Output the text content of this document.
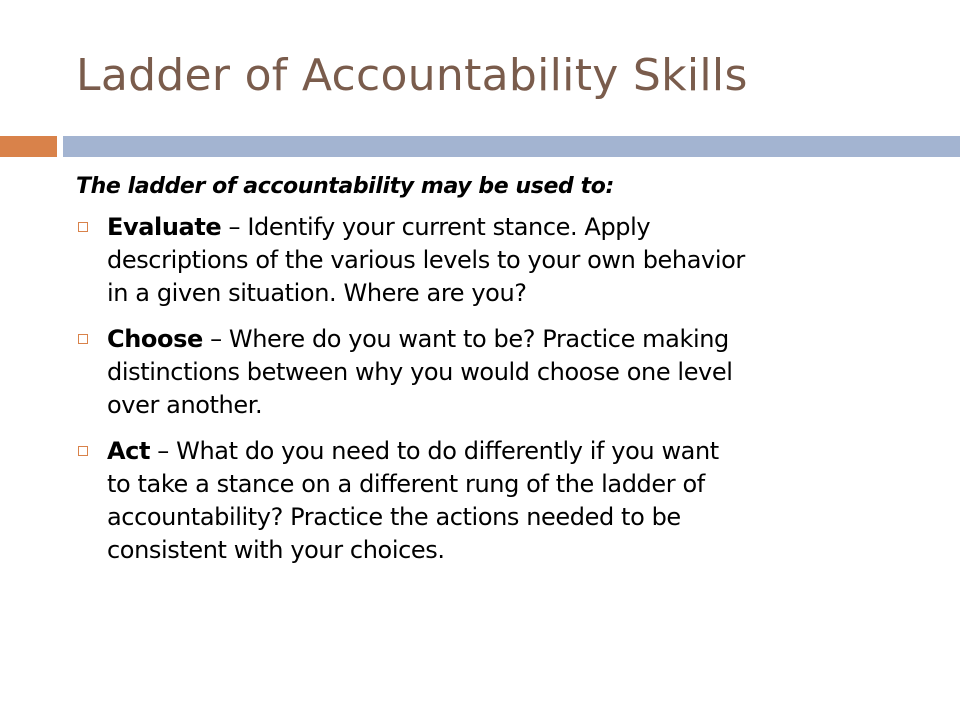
Ladder of Accountability Skills

The ladder of accountability may be used to:

Evaluate – Identify your current stance. Apply
descriptions of the various levels to your own behavior
in a given situation. Where are you?
Choose – Where do you want to be? Practice making
distinctions between why you would choose one level
over another.
Act – What do you need to do differently if you want
to take a stance on a different rung of the ladder of
accountability? Practice the actions needed to be
consistent with your choices.
